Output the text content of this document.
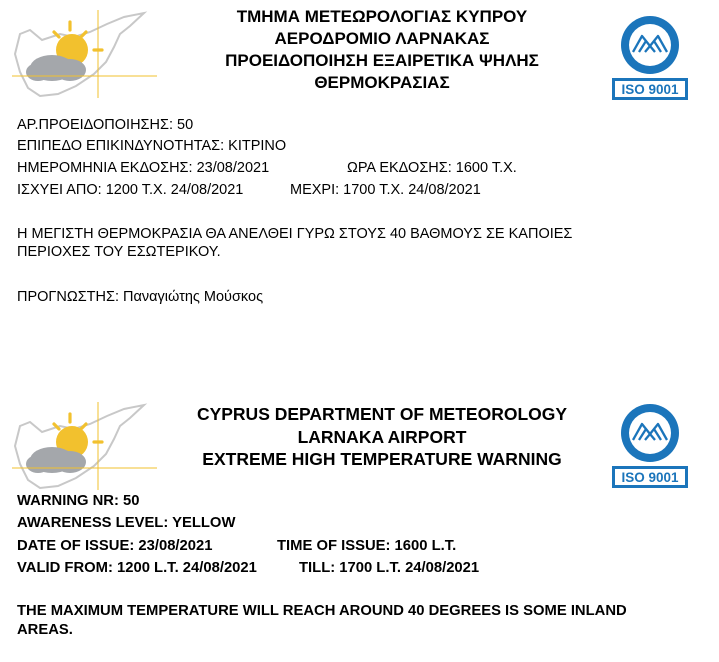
ΤΜΗΜΑ ΜΕΤΕΩΡΟΛΟΓΙΑΣ ΚΥΠΡΟΥ
ΑΕΡΟΔΡΟΜΙΟ ΛΑΡΝΑΚΑΣ
ΠΡΟΕΙΔΟΠΟΙΗΣΗ ΕΞΑΙΡΕΤΙΚΑ ΨΗΛΗΣ
ΘΕΡΜΟΚΡΑΣΙΑΣ	ISO 9001
ΑΡ.ΠΡΟΕΙΔΟΠΟΙΗΣΗΣ: 50
ΕΠΙΠΕΔΟ ΕΠΙΚΙΝΔΥΝΟΤΗΤΑΣ: ΚΙΤΡΙΝΟ
ΗΜΕΡΟΜΗΝΙΑ ΕΚΔΟΣΗΣ: 23/08/2021	ΩΡΑ ΕΚΔΟΣΗΣ: 1600 Τ.Χ.
ΙΣΧΥΕΙ ΑΠΟ: 1200 Τ.Χ. 24/08/2021	ΜΕΧΡΙ: 1700 Τ.Χ. 24/08/2021
Η ΜΕΓΙΣΤΗ ΘΕΡΜΟΚΡΑΣΙΑ ΘΑ ΑΝΕΛΘΕΙ ΓΥΡΩ ΣΤΟΥΣ 40 ΒΑΘΜΟΥΣ ΣΕ ΚΑΠΟΙΕΣ
ΠΕΡΙΟΧΕΣ ΤΟΥ ΕΣΩΤΕΡΙΚΟΥ.
ΠΡΟΓΝΩΣΤΗΣ: Παναγιώτης Μούσκος
CYPRUS DEPARTMENT OF METEOROLOGY
LARNAKA AIRPORT
EXTREME HIGH TEMPERATURE WARNING
ISO 9001
WARNING NR: 50
AWARENESS LEVEL: YELLOW
DATE OF ISSUE: 23/08/2021	TIME OF ISSUE: 1600 L.T.
VALID FROM: 1200 L.T. 24/08/2021	TILL: 1700 L.T. 24/08/2021
THE MAXIMUM TEMPERATURE WILL REACH AROUND 40 DEGREES IS SOME INLAND
AREAS.
